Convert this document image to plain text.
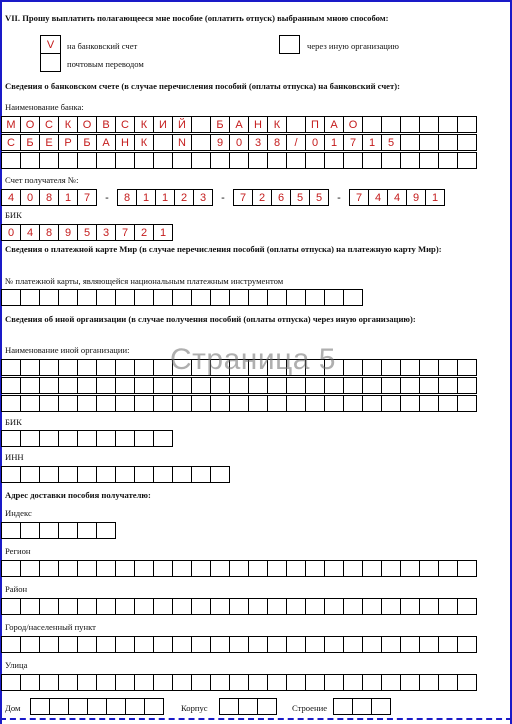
VII. Прошу выплатить полагающееся мне пособие (оплатить отпуск) выбранным мною способом:
V	на банковский счет
почтовым переводом
через иную организацию
Сведения о банковском счете (в случае перечисления пособий (оплаты отпуска) на банковский счет):
Наименование банка:
М О С	К	О	В	С	К	И	Й	Б	А	Н	К	П	А	О
С	Б	Е	Р	Б	А	Н	К	N	9	0	3	8	/	0	1	7	1	5
Счет получателя №:
4	0	8	1	7	-	8	1	1	2	3	-	7	2	6	5	5	-	7	4	4	9	1
БИК
0	4	8	9	5	3	7	2	1
Сведения о платежной карте Мир (в случае перечисления пособий (оплаты отпуска) на платежную карту Мир):
№ платежной карты, являющейся национальным платежным инструментом
Сведения об иной организации (в случае получения пособий (оплаты отпуска) через иную организацию):
Наименование иной организации:
БИК
ИНН
Адрес доставки пособия получателю:
Индекс
Регион
Район
Город/населенный пункт
Улица
Дом	Корпус	Строение
Страница 5
